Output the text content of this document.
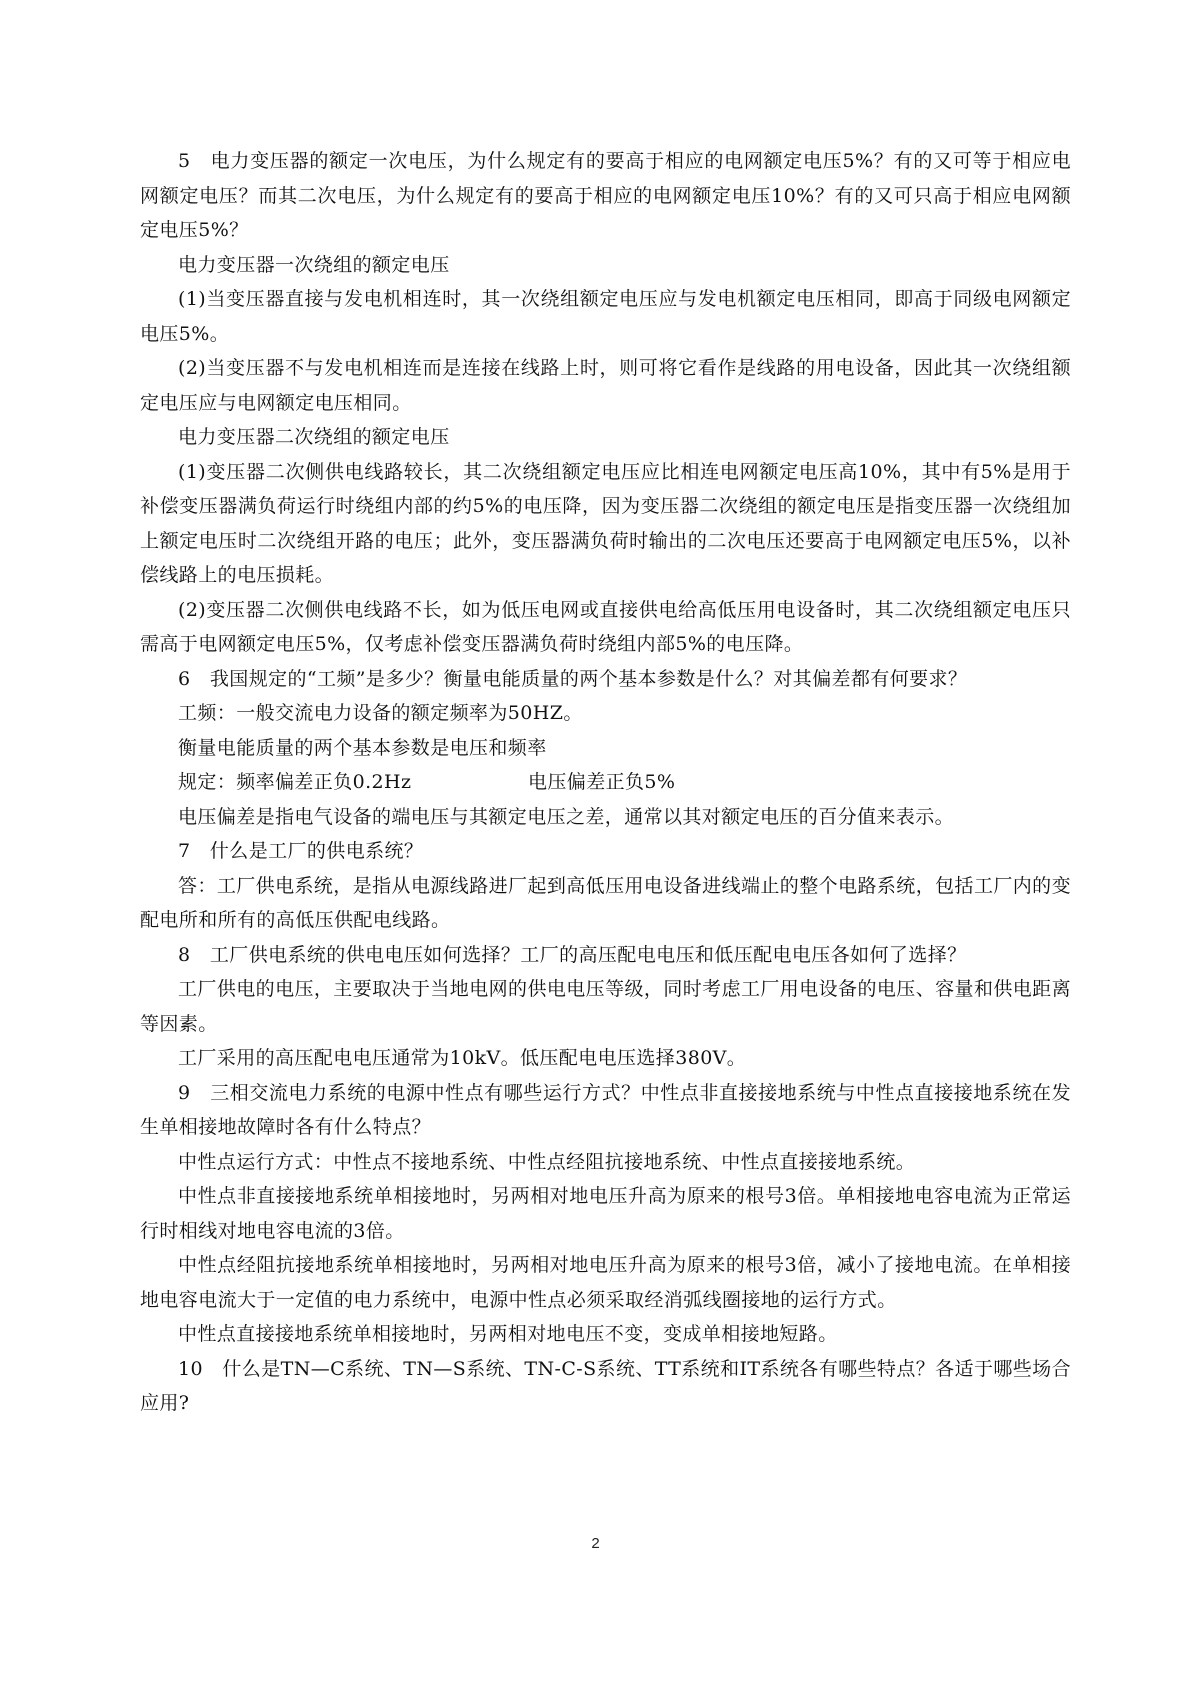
5　电力变压器的额定一次电压，为什么规定有的要高于相应的电网额定电压5%？有的又可等于相应电网额定电压？而其二次电压，为什么规定有的要高于相应的电网额定电压10%？有的又可只高于相应电网额定电压5%？

电力变压器一次绕组的额定电压

(1)当变压器直接与发电机相连时，其一次绕组额定电压应与发电机额定电压相同，即高于同级电网额定电压5%。

(2)当变压器不与发电机相连而是连接在线路上时，则可将它看作是线路的用电设备，因此其一次绕组额定电压应与电网额定电压相同。

电力变压器二次绕组的额定电压

(1)变压器二次侧供电线路较长，其二次绕组额定电压应比相连电网额定电压高10%，其中有5%是用于补偿变压器满负荷运行时绕组内部的约5%的电压降，因为变压器二次绕组的额定电压是指变压器一次绕组加上额定电压时二次绕组开路的电压；此外，变压器满负荷时输出的二次电压还要高于电网额定电压5%，以补偿线路上的电压损耗。

(2)变压器二次侧供电线路不长，如为低压电网或直接供电给高低压用电设备时，其二次绕组额定电压只需高于电网额定电压5%，仅考虑补偿变压器满负荷时绕组内部5%的电压降。

6　我国规定的“工频”是多少？衡量电能质量的两个基本参数是什么？对其偏差都有何要求？

工频：一般交流电力设备的额定频率为50HZ。

衡量电能质量的两个基本参数是电压和频率

规定：频率偏差正负0.2Hz	电压偏差正负5%

电压偏差是指电气设备的端电压与其额定电压之差，通常以其对额定电压的百分值来表示。

7　什么是工厂的供电系统？

答：工厂供电系统，是指从电源线路进厂起到高低压用电设备进线端止的整个电路系统，包括工厂内的变配电所和所有的高低压供配电线路。

8　工厂供电系统的供电电压如何选择？工厂的高压配电电压和低压配电电压各如何了选择？

工厂供电的电压，主要取决于当地电网的供电电压等级，同时考虑工厂用电设备的电压、容量和供电距离等因素。

工厂采用的高压配电电压通常为10kV。低压配电电压选择380V。

9　三相交流电力系统的电源中性点有哪些运行方式？中性点非直接接地系统与中性点直接接地系统在发生单相接地故障时各有什么特点？

中性点运行方式：中性点不接地系统、中性点经阻抗接地系统、中性点直接接地系统。

中性点非直接接地系统单相接地时，另两相对地电压升高为原来的根号3倍。单相接地电容电流为正常运行时相线对地电容电流的3倍。

中性点经阻抗接地系统单相接地时，另两相对地电压升高为原来的根号3倍，减小了接地电流。在单相接地电容电流大于一定值的电力系统中，电源中性点必须采取经消弧线圈接地的运行方式。

中性点直接接地系统单相接地时，另两相对地电压不变，变成单相接地短路。

10　什么是TN—C系统、TN—S系统、TN-C-S系统、TT系统和IT系统各有哪些特点？各适于哪些场合应用?

2
